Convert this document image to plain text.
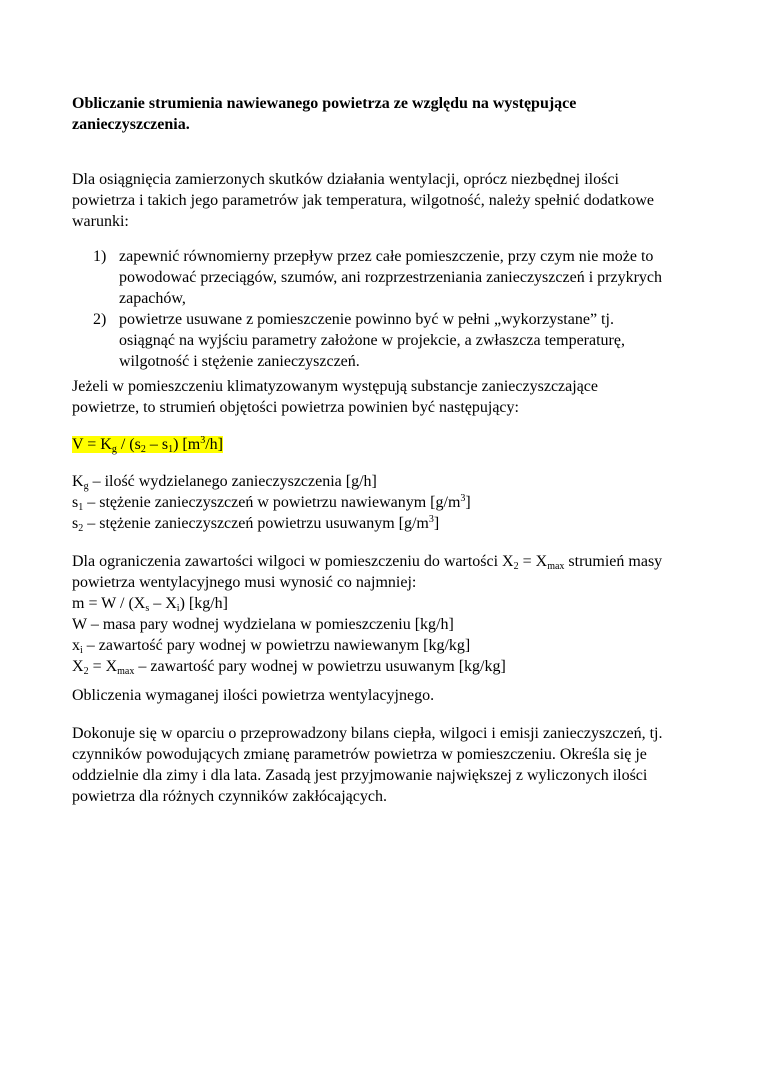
Obliczanie strumienia nawiewanego powietrza ze względu na występujące
zanieczyszczenia.
Dla osiągnięcia zamierzonych skutków działania wentylacji, oprócz niezbędnej ilości
powietrza i takich jego parametrów jak temperatura, wilgotność, należy spełnić dodatkowe
warunki:
1) zapewnić równomierny przepływ przez całe pomieszczenie, przy czym nie może to
powodować przeciągów, szumów, ani rozprzestrzeniania zanieczyszczeń i przykrych
zapachów,
2) powietrze usuwane z pomieszczenie powinno być w pełni „wykorzystane” tj.
osiągnąć na wyjściu parametry założone w projekcie, a zwłaszcza temperaturę,
wilgotność i stężenie zanieczyszczeń.
Jeżeli w pomieszczeniu klimatyzowanym występują substancje zanieczyszczające
powietrze, to strumień objętości powietrza powinien być następujący:
$V = K_g / (s_2 - s_1)$ $[m^3/h]$
$K_g$ – ilość wydzielanego zanieczyszczenia [g/h]
$s_1$ – stężenie zanieczyszczeń w powietrzu nawiewanym $[g/m^3]$
$s_2$ – stężenie zanieczyszczeń powietrzu usuwanym $[g/m^3]$
Dla ograniczenia zawartości wilgoci w pomieszczeniu do wartości $X_2 = X_{max}$ strumień masy
powietrza wentylacyjnego musi wynosić co najmniej:
$m = W / (X_s - X_i)$ [kg/h]
W – masa pary wodnej wydzielana w pomieszczeniu [kg/h]
$x_i$ – zawartość pary wodnej w powietrzu nawiewanym [kg/kg]
$X_2 = X_{max}$ – zawartość pary wodnej w powietrzu usuwanym [kg/kg]
Obliczenia wymaganej ilości powietrza wentylacyjnego.
Dokonuje się w oparciu o przeprowadzony bilans ciepła, wilgoci i emisji zanieczyszczeń, tj.
czynników powodujących zmianę parametrów powietrza w pomieszczeniu. Określa się je
oddzielnie dla zimy i dla lata. Zasadą jest przyjmowanie największej z wyliczonych ilości
powietrza dla różnych czynników zakłócających.
